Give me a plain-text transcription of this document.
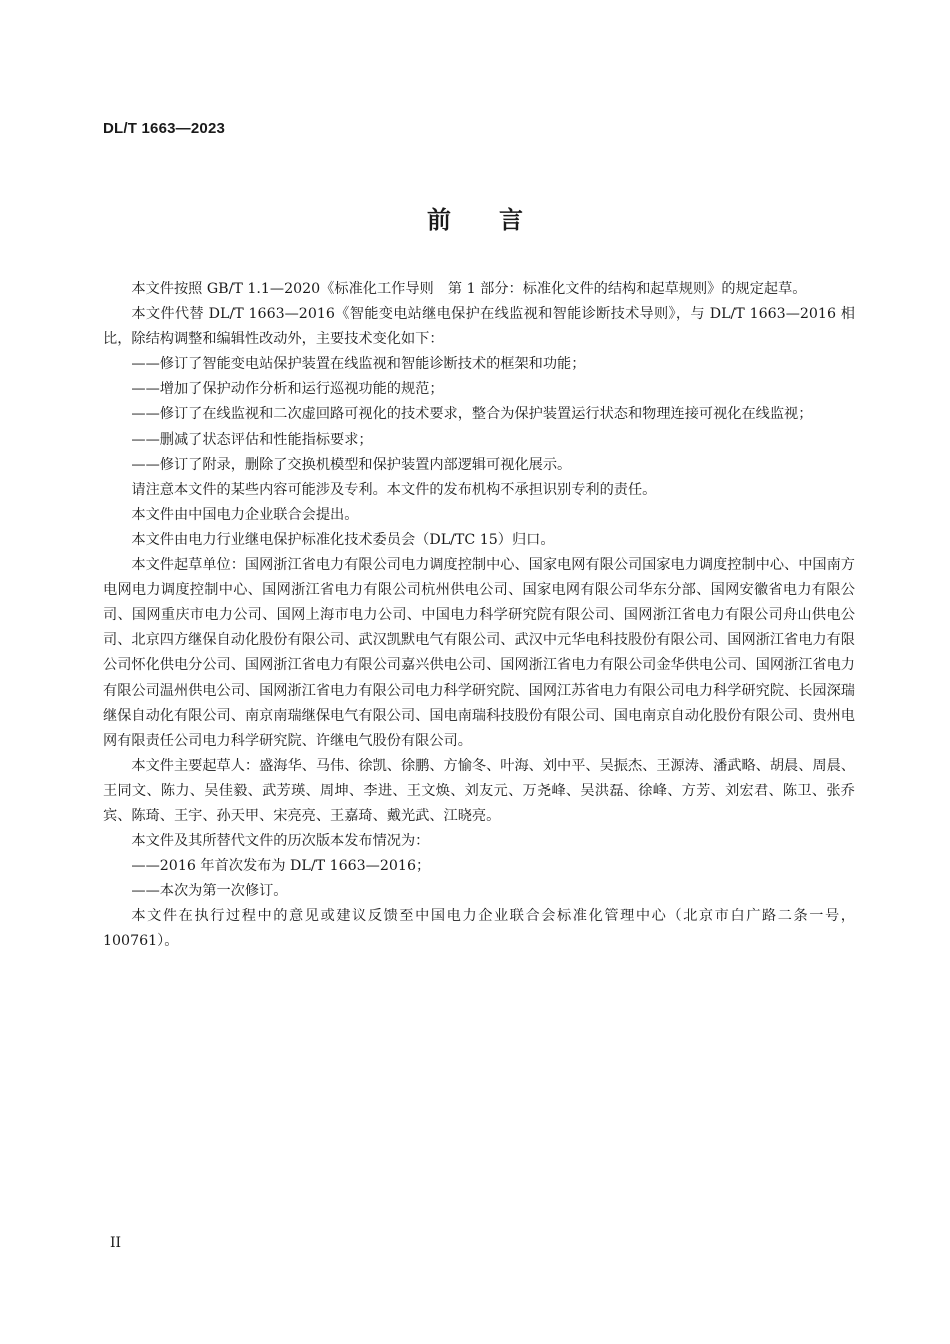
DL/T 1663—2023
前 言

本文件按照 GB/T 1.1—2020《标准化工作导则　第 1 部分：标准化文件的结构和起草规则》的规定起草。

本文件代替 DL/T 1663—2016《智能变电站继电保护在线监视和智能诊断技术导则》，与 DL/T 1663—2016 相比，除结构调整和编辑性改动外，主要技术变化如下：

——修订了智能变电站保护装置在线监视和智能诊断技术的框架和功能；

——增加了保护动作分析和运行巡视功能的规范；

——修订了在线监视和二次虚回路可视化的技术要求，整合为保护装置运行状态和物理连接可视化在线监视；

——删减了状态评估和性能指标要求；

——修订了附录，删除了交换机模型和保护装置内部逻辑可视化展示。

请注意本文件的某些内容可能涉及专利。本文件的发布机构不承担识别专利的责任。

本文件由中国电力企业联合会提出。

本文件由电力行业继电保护标准化技术委员会（DL/TC 15）归口。

本文件起草单位：国网浙江省电力有限公司电力调度控制中心、国家电网有限公司国家电力调度控制中心、中国南方电网电力调度控制中心、国网浙江省电力有限公司杭州供电公司、国家电网有限公司华东分部、国网安徽省电力有限公司、国网重庆市电力公司、国网上海市电力公司、中国电力科学研究院有限公司、国网浙江省电力有限公司舟山供电公司、北京四方继保自动化股份有限公司、武汉凯默电气有限公司、武汉中元华电科技股份有限公司、国网浙江省电力有限公司怀化供电分公司、国网浙江省电力有限公司嘉兴供电公司、国网浙江省电力有限公司金华供电公司、国网浙江省电力有限公司温州供电公司、国网浙江省电力有限公司电力科学研究院、国网江苏省电力有限公司电力科学研究院、长园深瑞继保自动化有限公司、南京南瑞继保电气有限公司、国电南瑞科技股份有限公司、国电南京自动化股份有限公司、贵州电网有限责任公司电力科学研究院、许继电气股份有限公司。

本文件主要起草人：盛海华、马伟、徐凯、徐鹏、方愉冬、叶海、刘中平、吴振杰、王源涛、潘武略、胡晨、周晨、王同文、陈力、吴佳毅、武芳瑛、周坤、李进、王文焕、刘友元、万尧峰、吴洪磊、徐峰、方芳、刘宏君、陈卫、张乔宾、陈琦、王宇、孙天甲、宋亮亮、王嘉琦、戴光武、江晓亮。

本文件及其所替代文件的历次版本发布情况为：

——2016 年首次发布为 DL/T 1663—2016；

——本次为第一次修订。

本文件在执行过程中的意见或建议反馈至中国电力企业联合会标准化管理中心（北京市白广路二条一号，100761）。

II
